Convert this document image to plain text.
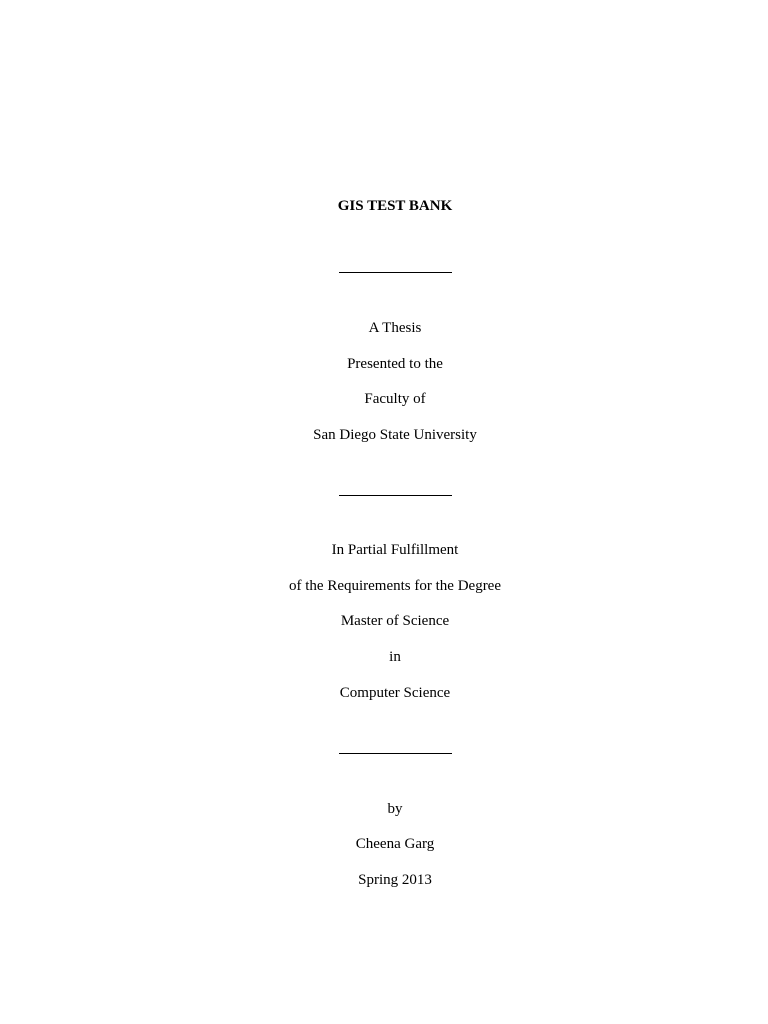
GIS TEST BANK
A Thesis
Presented to the
Faculty of
San Diego State University
In Partial Fulfillment
of the Requirements for the Degree
Master of Science
in
Computer Science
by
Cheena Garg
Spring 2013
